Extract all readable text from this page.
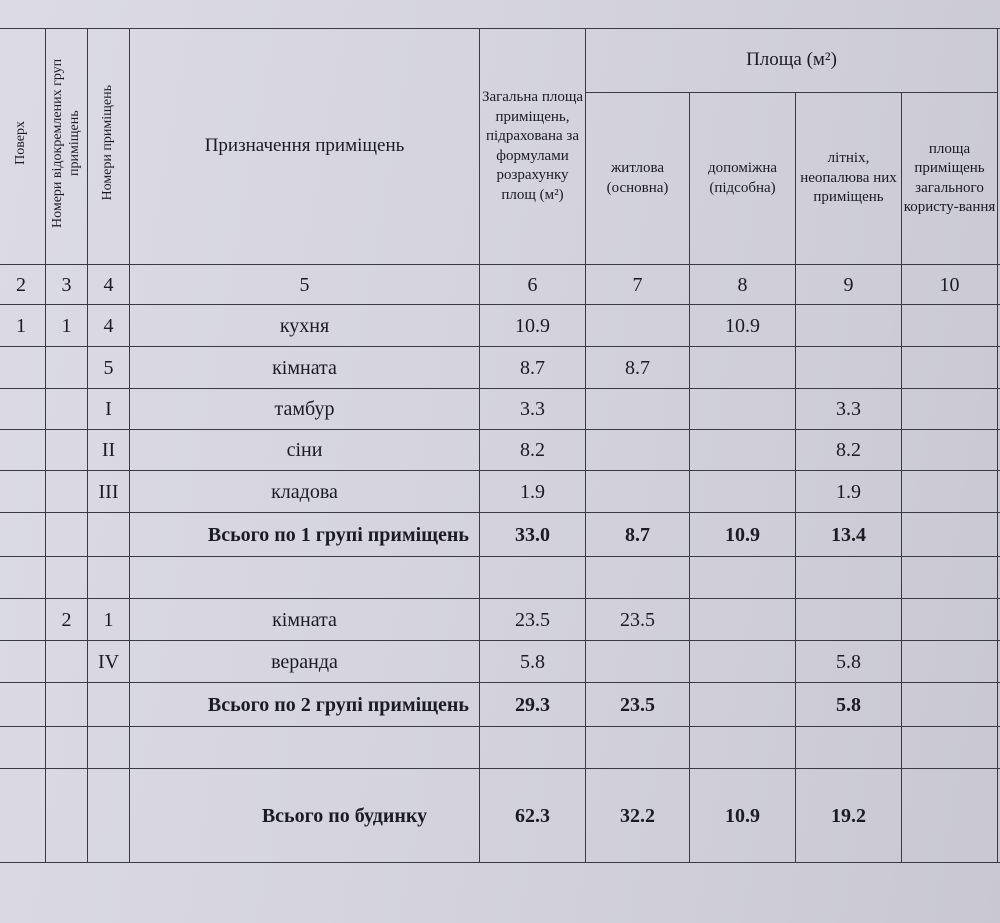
Поверх	Номери відокремлених груп приміщень	Номери приміщень	Призначення приміщень	Загальна площа приміщень, підрахована за формулами розрахунку площ (м²)	Площа (м²)				
					житлова (основна)	допоміжна (підсобна)	літніх, неопалюва них приміщень	площа приміщень загального користу-вання	
2	3	4	5	6	7	8	9	10	
1	1	4	кухня	10.9		10.9			
		5	кімната	8.7	8.7				
		I	тамбур	3.3			3.3		
		II	сіни	8.2			8.2		
		III	кладова	1.9			1.9		
			Всього по 1 групі приміщень	33.0	8.7	10.9	13.4		

	2	1	кімната	23.5	23.5				
		IV	веранда	5.8			5.8		
			Всього по 2 групі приміщень	29.3	23.5		5.8		

			Всього по будинку	62.3	32.2	10.9	19.2		
